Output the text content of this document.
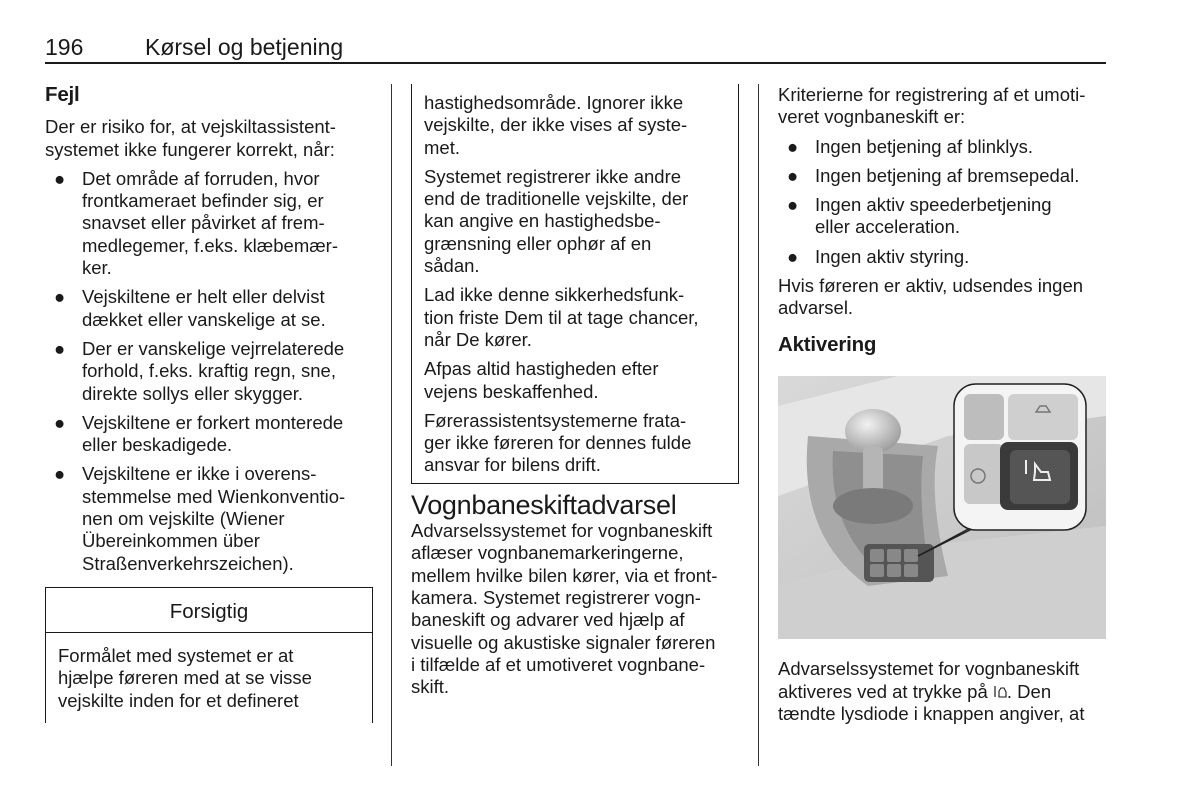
196	Kørsel og betjening
Fejl

Der er risiko for, at vejskiltassistent-
systemet ikke fungerer korrekt, når:

● Det område af forruden, hvor
frontkameraet befinder sig, er
snavset eller påvirket af frem-
medlegemer, f.eks. klæbemær-
ker.
● Vejskiltene er helt eller delvist
dækket eller vanskelige at se.
● Der er vanskelige vejrrelaterede
forhold, f.eks. kraftig regn, sne,
direkte sollys eller skygger.
● Vejskiltene er forkert monterede
eller beskadigede.
● Vejskiltene er ikke i overens-
stemmelse med Wienkonventio-
nen om vejskilte (Wiener
Übereinkommen über
Straßenverkehrszeichen).
Forsigtig
Formålet med systemet er at
hjælpe føreren med at se visse
vejskilte inden for et defineret

hastighedsområde. Ignorer ikke
vejskilte, der ikke vises af syste-
met.

Systemet registrerer ikke andre
end de traditionelle vejskilte, der
kan angive en hastighedsbe-
grænsning eller ophør af en
sådan.

Lad ikke denne sikkerhedsfunk-
tion friste Dem til at tage chancer,
når De kører.

Afpas altid hastigheden efter
vejens beskaffenhed.

Førerassistentsystemerne frata-
ger ikke føreren for dennes fulde
ansvar for bilens drift.

Vognbaneskiftadvarsel

Advarselssystemet for vognbaneskift
aflæser vognbanemarkeringerne,
mellem hvilke bilen kører, via et front-
kamera. Systemet registrerer vogn-
baneskift og advarer ved hjælp af
visuelle og akustiske signaler føreren
i tilfælde af et umotiveret vognbane-
skift.

Kriterierne for registrering af et umoti-
veret vognbaneskift er:

● Ingen betjening af blinklys.
● Ingen betjening af bremsepedal.
● Ingen aktiv speederbetjening
eller acceleration.
● Ingen aktiv styring.

Hvis føreren er aktiv, udsendes ingen
advarsel.

Aktivering

Advarselssystemet for vognbaneskift
aktiveres ved at trykke på . Den
tændte lysdiode i knappen angiver, at
